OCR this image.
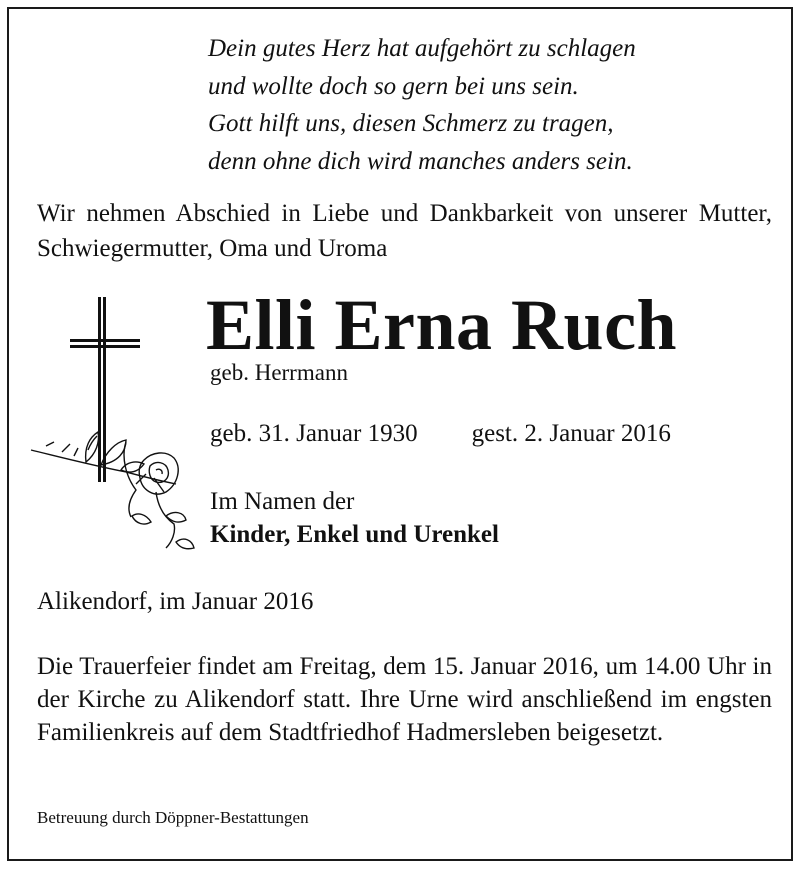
Dein gutes Herz hat aufgehört zu schlagen
und wollte doch so gern bei uns sein.
Gott hilft uns, diesen Schmerz zu tragen,
denn ohne dich wird manches anders sein.
Wir nehmen Abschied in Liebe und Dankbarkeit von unserer Mutter, Schwiegermutter, Oma und Uroma
Elli Erna Ruch
geb. Herrmann
geb. 31. Januar 1930 gest. 2. Januar 2016
Im Namen der
Kinder, Enkel und Urenkel
Alikendorf, im Januar 2016
Die Trauerfeier findet am Freitag, dem 15. Januar 2016, um 14.00 Uhr in der Kirche zu Alikendorf statt. Ihre Urne wird anschließend im engsten Familienkreis auf dem Stadtfriedhof Hadmersleben beigesetzt.
Betreuung durch Döppner-Bestattungen
